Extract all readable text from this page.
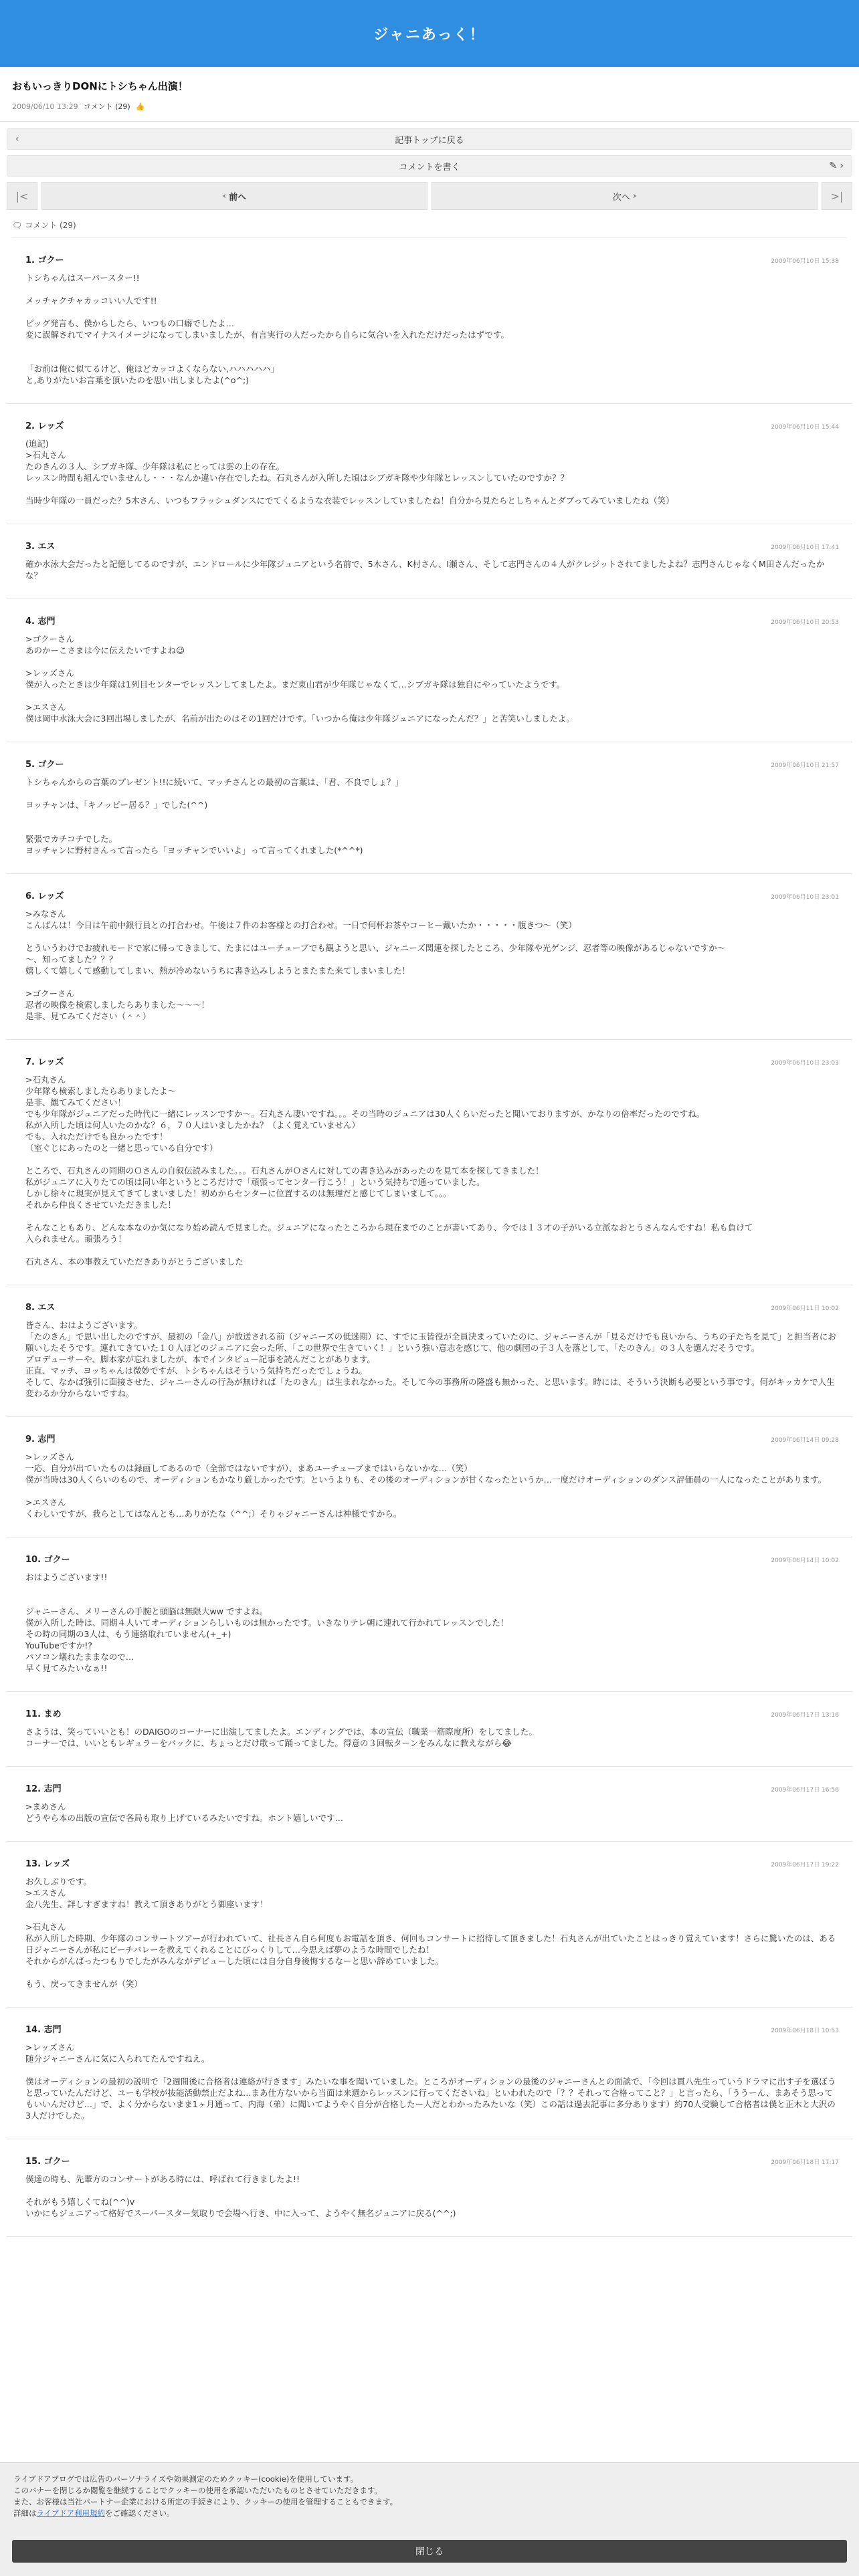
ジャニあっく！
おもいっきりDONにトシちゃん出演！
2009/06/10 13:29 コメント (29) 👍
‹	記事トップに戻る
コメントを書く	✎ ›
|<	‹ 前へ	次へ ›	>|
🗨 コメント (29)
1. ゴクー	2009年06月10日 15:38

トシちゃんはスーパースター!!

メッチャクチャカッコいい人です!!

ビッグ発言も、僕からしたら、いつもの口癖でしたよ…
変に誤解されてマイナスイメージになってしまいましたが、有言実行の人だったから自らに気合いを入れただけだったはずです。

「お前は俺に似てるけど、俺ほどカッコよくならない,ハハハハハ」
と,ありがたいお言葉を頂いたのを思い出しましたよ(^o^;)

2. レッズ	2009年06月10日 15:44

(追記)
>石丸さん
たのきんの３人、シブガキ隊、少年隊は私にとっては雲の上の存在。
レッスン時間も組んでいませんし・・・なんか違い存在でしたね。石丸さんが入所した頃はシブガキ隊や少年隊とレッスンしていたのですか？？

当時少年隊の一員だった？5木さん、いつもフラッシュダンスにでてくるような衣装でレッスンしていましたね！自分から見たらとしちゃんとダブってみていましたね（笑）

3. エス	2009年06月10日 17:41

確か水泳大会だったと記憶してるのですが、エンドロールに少年隊ジュニアという名前で、5木さん、K村さん、I瀬さん、そして志門さんの４人がクレジットされてましたよね？志門さんじゃなくM田さんだったかな？

4. 志門	2009年06月10日 20:53

>ゴクーさん
あのかーこさまは今に伝えたいですよね😉

>レッズさん
僕が入ったときは少年隊は1列目センターでレッスンしてましたよ。まだ東山君が少年隊じゃなくて…シブガキ隊は独自にやっていたようです。

>エスさん
僕は岡中水泳大会に3回出場しましたが、名前が出たのはその1回だけです。「いつから俺は少年隊ジュニアになったんだ？」と苦笑いしましたよ。

5. ゴクー	2009年06月10日 21:57

トシちゃんからの言葉のプレゼント!!に続いて、マッチさんとの最初の言葉は、「君、不良でしょ？」

ヨッチャンは、「キノッピー居る？」でした(^^)

緊張でカチコチでした。
ヨッチャンに野村さんって言ったら「ヨッチャンでいいよ」って言ってくれました(*^^*)

6. レッズ	2009年06月10日 23:01

>みなさん
こんばんは！今日は午前中銀行員との打合わせ。午後は７件のお客様との打合わせ。一日で何杯お茶やコーヒー戴いたか・・・・・腹きつ～（笑）

とういうわけでお疲れモードで家に帰ってきまして、たまにはユーチューブでも観ようと思い、ジャニーズ関連を探したところ、少年隊や光ゲンジ、忍者等の映像があるじゃないですか～
～、知ってました？？？
嬉しくて嬉しくて感動してしまい、熱が冷めないうちに書き込みしようとまたまた来てしまいました！

>ゴクーさん
忍者の映像を検索しましたらありました～～～！
是非、見てみてください（＾＾）

7. レッズ	2009年06月10日 23:03

>石丸さん
少年隊も検索しましたらありましたよ～
是非、観てみてください！
でも少年隊がジュニアだった時代に一緒にレッスンですか～。石丸さん凄いですね。。。その当時のジュニアは30人くらいだったと聞いておりますが、かなりの倍率だったのですね。
私が入所した頃は何人いたのかな？６，７０人はいましたかね？（よく覚えていません）
でも、入れただけでも良かったです！
（室ぐじにあったのと一緒と思っている自分です）

ところで、石丸さんの同期のＯさんの自叙伝読みました。。。石丸さんがＯさんに対しての書き込みがあったのを見て本を探してきました！
私がジュニアに入りたての頃は同い年というところだけで「頑張ってセンター行こう！」という気持ちで通っていました。
しかし徐々に現実が見えてきてしまいました！初めからセンターに位置するのは無理だと感じてしまいまして。。。
それから仲良くさせていただきました！

そんなこともあり、どんな本なのか気になり始め読んで見ました。ジュニアになったところから現在までのことが書いてあり、今では１３才の子がいる立派なおとうさんなんですね！私も負けて
入られません。頑張ろう！

石丸さん、本の事教えていただきありがとうございました

8. エス	2009年06月11日 10:02

皆さん、おはようございます。
「たのきん」で思い出したのですが、最初の「金八」が放送される前（ジャニーズの低迷期）に、すでに玉皆役が全員決まっていたのに、ジャニーさんが「見るだけでも良いから、うちの子たちを見て」と担当者にお願いしたそうです。連れてきていた１０人ほどのジュニアに会った所、「この世界で生きていく！」という強い意志を感じて、他の劇団の子３人を落として、「たのきん」の３人を選んだそうです。
プロデューサーや、脚本家が忘れましたが、本でインタビュー記事を読んだことがあります。
正直、マッチ、ヨッちゃんは微妙ですが、トシちゃんはそういう気持ちだったでしょうね。
そして、なかば強引に面接させた、ジャニーさんの行為が無ければ「たのきん」は生まれなかった。そして今の事務所の隆盛も無かった、と思います。時には、そういう決断も必要という事です。何がキッカケで人生変わるか分からないですね。

9. 志門	2009年06月14日 09:28

>レッズさん
一応、自分が出ていたものは録画してあるので（全部ではないですが）、まあユーチューブまではいらないかな…（笑）
僕が当時は30人くらいのもので、オーディションもかなり厳しかったです。というよりも、その後のオーディションが甘くなったというか…一度だけオーディションのダンス評価員の一人になったことがあります。

>エスさん
くわしいですが、我らとしてはなんとも…ありがたな（^^;）そりゃジャニーさんは神様ですから。

10. ゴクー	2009年06月14日 10:02

おはようございます!!

ジャニーさん、メリーさんの手腕と頭脳は無限大ww ですよね。
僕が入所した時は、同期４人いてオーディションらしいものは無かったです。いきなりテレ朝に連れて行かれてレッスンでした！
その時の同期の3人は、もう連絡取れていません(+_+)
YouTubeですか!?
パソコン壊れたままなので…
早く見てみたいなぁ!!

11. まめ	2009年06月17日 13:16

さようは、笑っていいとも！のDAIGOのコーナーに出演してましたよ。エンディングでは、本の宣伝（職業一筋際度所）をしてました。
コーナーでは、いいともレギュラーをバックに、ちょっとだけ歌って踊ってました。得意の３回転ターンをみんなに教えながら😂

12. 志門	2009年06月17日 16:56

>まめさん
どうやら本の出版の宣伝で各局も取り上げているみたいですね。ホント嬉しいです…

13. レッズ	2009年06月17日 19:22

お久しぶりです。
>エスさん
金八先生、詳しすぎますね！教えて頂きありがとう御座います！

>石丸さん
私が入所した時期、少年隊のコンサートツアーが行われていて、社長さん自ら何度もお電話を頂き、何回もコンサートに招待して頂きました！石丸さんが出ていたことはっきり覚えています！さらに驚いたのは、ある日ジャニーさんが私にビーチバレーを教えてくれることにびっくりして…今思えば夢のような時間でしたね！
それからがんばったつもりでしたがみんながデビューした頃には自分自身後悔するなーと思い辞めていました。

もう、戻ってきませんが（笑）

14. 志門	2009年06月18日 10:53

>レッズさん
随分ジャニーさんに気に入られてたんですねえ。

僕はオーディションの最初の説明で「2週間後に合格者は連絡が行きます」みたいな事を聞いていました。ところがオーディションの最後のジャニーさんとの面談で、「今回は貫八先生っていうドラマに出す子を選ぼうと思っていたんだけど、ユーも学校が抜能活動禁止だよね…まあ仕方ないから当面は来週からレッスンに行ってくださいね」といわれたので「？？それって合格ってこと？」と言ったら、「ううーん、まあそう思ってもいいんだけど…」で、よく分からないまま1ヶ月通って、内海（弟）に聞いてようやく自分が合格したー人だとわかったみたいな（笑）この話は過去記事に多分あります）約70人受験して合格者は僕と正木と大沢の3人だけでした。

15. ゴクー	2009年06月18日 17:17

僕達の時も、先輩方のコンサートがある時には、呼ばれて行きましたよ!!

それがもう嬉しくてね(^^)v
いかにもジュニアって格好でスーパースター気取りで会場へ行き、中に入って、ようやく無名ジュニアに戻る(^^;)

ライブドアブログでは広告のパーソナライズや効果測定のためクッキー(cookie)を使用しています。

このバナーを閉じるか閲覧を継続することでクッキーの使用を承認いただいたものとさせていただきます。

また、お客様は当社パートナー企業における所定の手続きにより、クッキーの使用を管理することもできます。

詳細はライブドア利用規約をご確認ください。

閉じる
